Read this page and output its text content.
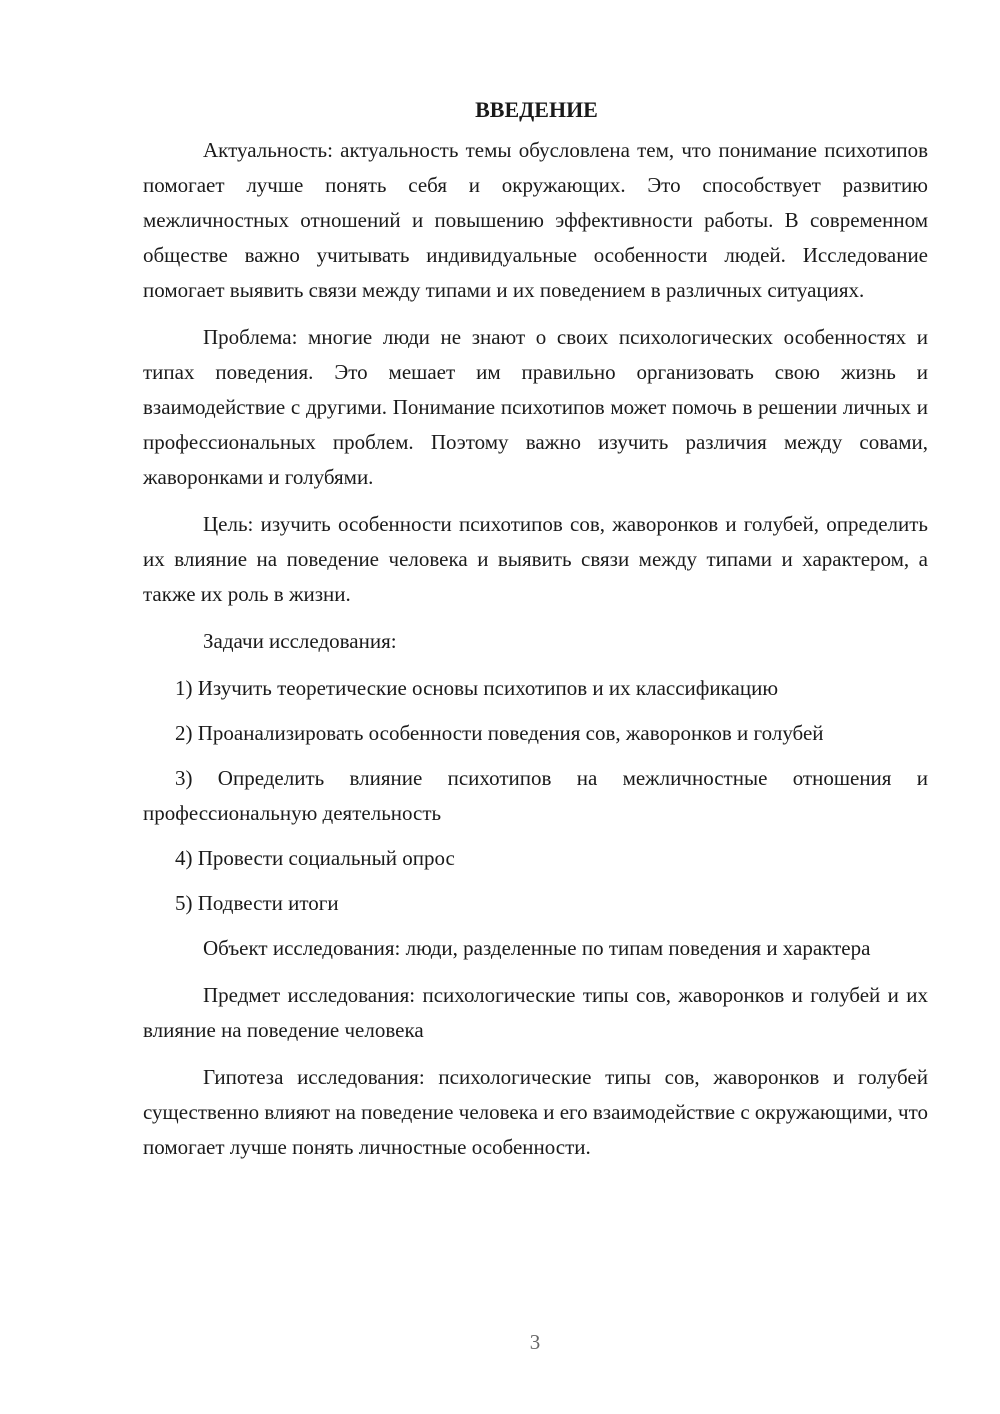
ВВЕДЕНИЕ

Актуальность: актуальность темы обусловлена тем, что понимание психотипов помогает лучше понять себя и окружающих. Это способствует развитию межличностных отношений и повышению эффективности работы. В современном обществе важно учитывать индивидуальные особенности людей. Исследование помогает выявить связи между типами и их поведением в различных ситуациях.

Проблема: многие люди не знают о своих психологических особенностях и типах поведения. Это мешает им правильно организовать свою жизнь и взаимодействие с другими. Понимание психотипов может помочь в решении личных и профессиональных проблем. Поэтому важно изучить различия между совами, жаворонками и голубями.

Цель: изучить особенности психотипов сов, жаворонков и голубей, определить их влияние на поведение человека и выявить связи между типами и характером, а также их роль в жизни.

Задачи исследования:

1) Изучить теоретические основы психотипов и их классификацию

2) Проанализировать особенности поведения сов, жаворонков и голубей

3) Определить влияние психотипов на межличностные отношения и профессиональную деятельность

4) Провести социальный опрос

5) Подвести итоги

Объект исследования: люди, разделенные по типам поведения и характера

Предмет исследования: психологические типы сов, жаворонков и голубей и их влияние на поведение человека

Гипотеза исследования: психологические типы сов, жаворонков и голубей существенно влияют на поведение человека и его взаимодействие с окружающими, что помогает лучше понять личностные особенности.

3
